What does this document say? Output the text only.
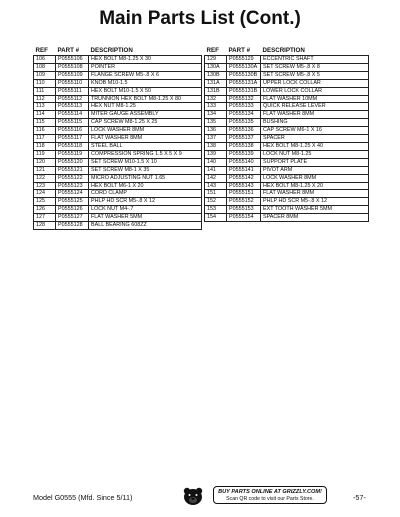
Main Parts List (Cont.)
REF	PART #	DESCRIPTION
106	P0555106	HEX BOLT M8-1.25 X 30
108	P0555108	POINTER
109	P0555109	FLANGE SCREW M5-.8 X 6
110	P0555110	KNOB M10-1.5
111	P0555111	HEX BOLT M10-1.5 X 50
112	P0555112	TRUNNION HEX BOLT M8-1.25 X 80
113	P0555113	HEX NUT M8-1.25
114	P0555114	MITER GAUGE ASSEMBLY
115	P0555115	CAP SCREW M8-1.25 X 25
116	P0555116	LOCK WASHER 8MM
117	P0555117	FLAT WASHER 8MM
118	P0555118	STEEL BALL
119	P0555119	COMPRESSION SPRING 1.5 X 5 X 9
120	P0555120	SET SCREW M10-1.5 X 10
121	P0555121	SET SCREW M8-1 X 35
122	P0555122	MICRO ADJUSTING NUT 1.65
123	P0555123	HEX BOLT M6-1 X 20
124	P0555124	CORD CLAMP
125	P0555125	PHLP HD SCR M5-.8 X 12
126	P0555126	LOCK NUT M4-.7
127	P0555127	FLAT WASHER 5MM
128	P0555128	BALL BEARING 608ZZ
REF	PART #	DESCRIPTION
129	P0555129	ECCENTRIC SHAFT
130A	P0555130A	SET SCREW M5-.8 X 8
130B	P0555130B	SET SCREW M5-.8 X 5
131A	P0555131A	UPPER LOCK COLLAR
131B	P0555131B	LOWER LOCK COLLAR
132	P0555132	FLAT WASHER 10MM
133	P0555133	QUICK RELEASE LEVER
134	P0555134	FLAT WASHER 8MM
135	P0555135	BUSHING
136	P0555136	CAP SCREW M6-1 X 16
137	P0555137	SPACER
138	P0555138	HEX BOLT M8-1.25 X 40
139	P0555139	LOCK NUT M8-1.25
140	P0555140	SUPPORT PLATE
141	P0555141	PIVOT ARM
142	P0555142	LOCK WASHER 8MM
143	P0555143	HEX BOLT M8-1.25 X 20
151	P0555151	FLAT WASHER 8MM
152	P0555152	PHLP HD SCR M5-.8 X 12
153	P0555153	EXT TOOTH WASHER 5MM
154	P0555154	SPACER 8MM
Model G0555 (Mfd. Since 5/11)
BUY PARTS ONLINE AT GRIZZLY.COM!
Scan QR code to visit our Parts Store.	-57-
